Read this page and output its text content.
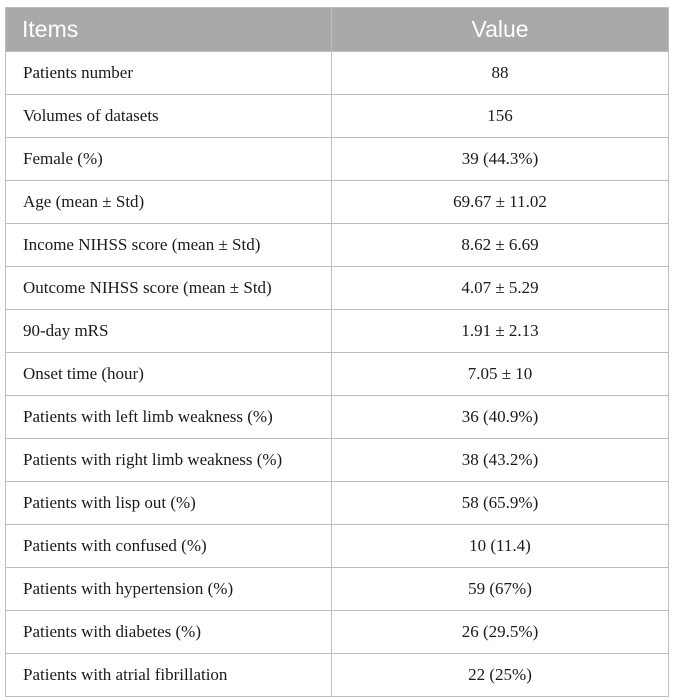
Items	Value
Patients number	88
Volumes of datasets	156
Female (%)	39 (44.3%)
Age (mean ± Std)	69.67 ± 11.02
Income NIHSS score (mean ± Std)	8.62 ± 6.69
Outcome NIHSS score (mean ± Std)	4.07 ± 5.29
90-day mRS	1.91 ± 2.13
Onset time (hour)	7.05 ± 10
Patients with left limb weakness (%)	36 (40.9%)
Patients with right limb weakness (%)	38 (43.2%)
Patients with lisp out (%)	58 (65.9%)
Patients with confused (%)	10 (11.4)
Patients with hypertension (%)	59 (67%)
Patients with diabetes (%)	26 (29.5%)
Patients with atrial fibrillation	22 (25%)
